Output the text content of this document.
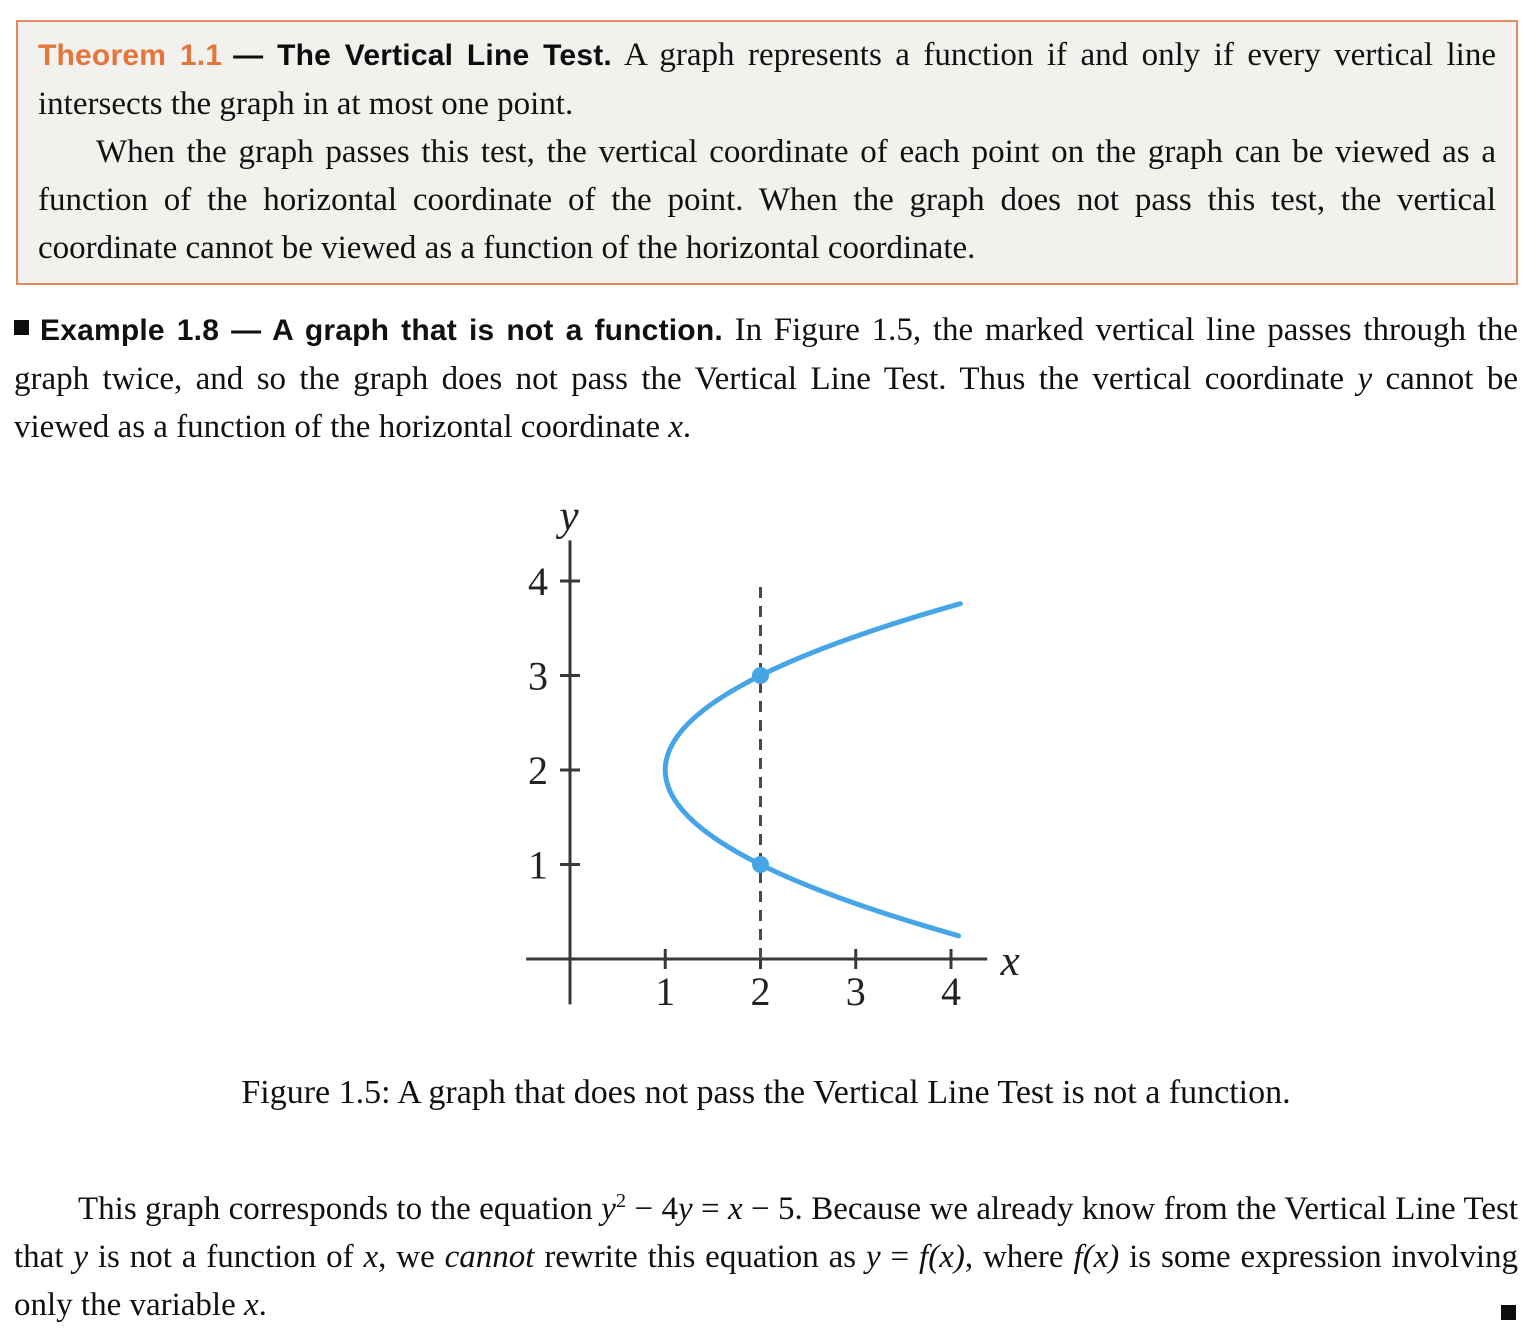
Theorem 1.1 — The Vertical Line Test. A graph represents a function if and only if every vertical line intersects the graph in at most one point.

When the graph passes this test, the vertical coordinate of each point on the graph can be viewed as a function of the horizontal coordinate of the point. When the graph does not pass this test, the vertical coordinate cannot be viewed as a function of the horizontal coordinate.

Example 1.8 — A graph that is not a function. In Figure 1.5, the marked vertical line passes through the graph twice, and so the graph does not pass the Vertical Line Test. Thus the vertical coordinate y cannot be viewed as a function of the horizontal coordinate x.

1 2 3 4
1
2
3
4
x
y

Figure 1.5: A graph that does not pass the Vertical Line Test is not a function.

This graph corresponds to the equation $y^2 - 4y = x - 5$. Because we already know from the Vertical Line Test that y is not a function of x, we cannot rewrite this equation as y = f(x), where f(x) is some expression involving only the variable x.
